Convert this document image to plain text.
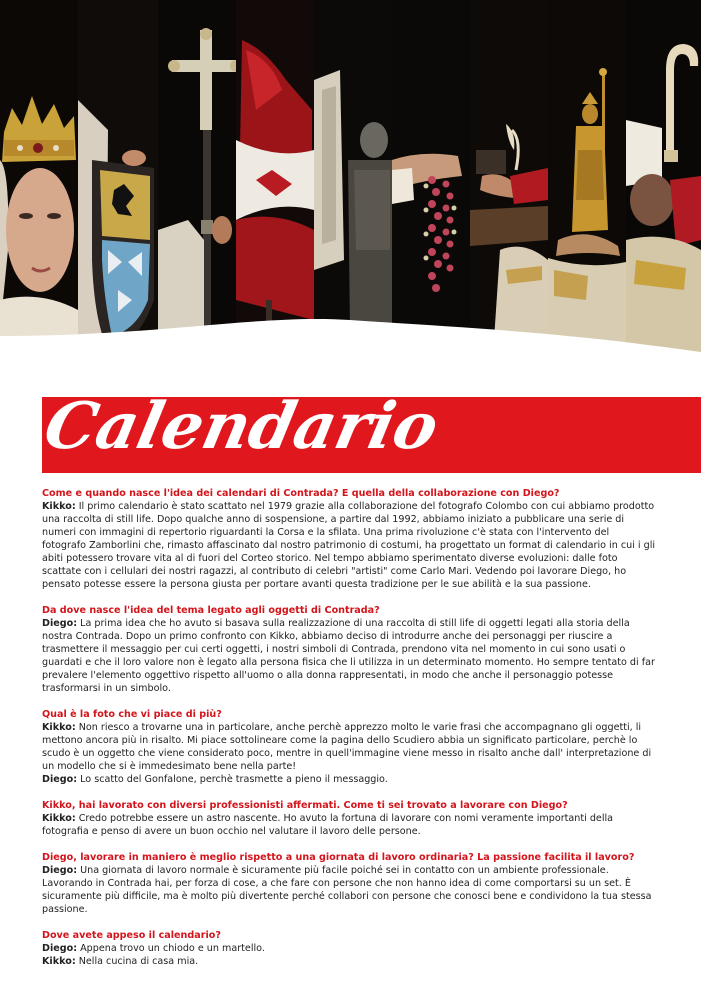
Calendario

Come e quando nasce l'idea dei calendari di Contrada? E quella della collaborazione con Diego?

Kikko: Il primo calendario è stato scattato nel 1979 grazie alla collaborazione del fotografo Colombo con cui abbiamo prodotto una raccolta di still life. Dopo qualche anno di sospensione, a partire dal 1992, abbiamo iniziato a pubblicare una serie di numeri con immagini di repertorio riguardanti la Corsa e la sfilata. Una prima rivoluzione c'è stata con l'intervento del fotografo Zamborlini che, rimasto affascinato dal nostro patrimonio di costumi, ha progettato un format di calendario in cui i gli abiti potessero trovare vita al di fuori del Corteo storico. Nel tempo abbiamo sperimentato diverse evoluzioni: dalle foto scattate con i cellulari dei nostri ragazzi, al contributo di celebri "artisti" come Carlo Mari. Vedendo poi lavorare Diego, ho pensato potesse essere la persona giusta per portare avanti questa tradizione per le sue abilità e la sua passione.

Da dove nasce l'idea del tema legato agli oggetti di Contrada?

Diego: La prima idea che ho avuto si basava sulla realizzazione di una raccolta di still life di oggetti legati alla storia della nostra Contrada. Dopo un primo confronto con Kikko, abbiamo deciso di introdurre anche dei personaggi per riuscire a trasmettere il messaggio per cui certi oggetti, i nostri simboli di Contrada, prendono vita nel momento in cui sono usati o guardati e che il loro valore non è legato alla persona fisica che li utilizza in un determinato momento. Ho sempre tentato di far prevalere l'elemento oggettivo rispetto all'uomo o alla donna rappresentati, in modo che anche il personaggio potesse trasformarsi in un simbolo.

Qual è la foto che vi piace di più?

Kikko: Non riesco a trovarne una in particolare, anche perchè apprezzo molto le varie frasi che accompagnano gli oggetti, li mettono ancora più in risalto. Mi piace sottolineare come la pagina dello Scudiero abbia un significato particolare, perchè lo scudo è un oggetto che viene considerato poco, mentre in quell'immagine viene messo in risalto anche dall' interpretazione di un modello che si è immedesimato bene nella parte!

Diego: Lo scatto del Gonfalone, perchè trasmette a pieno il messaggio.

Kikko, hai lavorato con diversi professionisti affermati. Come ti sei trovato a lavorare con Diego?

Kikko: Credo potrebbe essere un astro nascente. Ho avuto la fortuna di lavorare con nomi veramente importanti della fotografia e penso di avere un buon occhio nel valutare il lavoro delle persone.

Diego, lavorare in maniero è meglio rispetto a una giornata di lavoro ordinaria? La passione facilita il lavoro?

Diego: Una giornata di lavoro normale è sicuramente più facile poiché sei in contatto con un ambiente professionale. Lavorando in Contrada hai, per forza di cose, a che fare con persone che non hanno idea di come comportarsi su un set. È sicuramente più difficile, ma è molto più divertente perché collabori con persone che conosci bene e condividono la tua stessa passione.

Dove avete appeso il calendario?

Diego: Appena trovo un chiodo e un martello.

Kikko: Nella cucina di casa mia.
